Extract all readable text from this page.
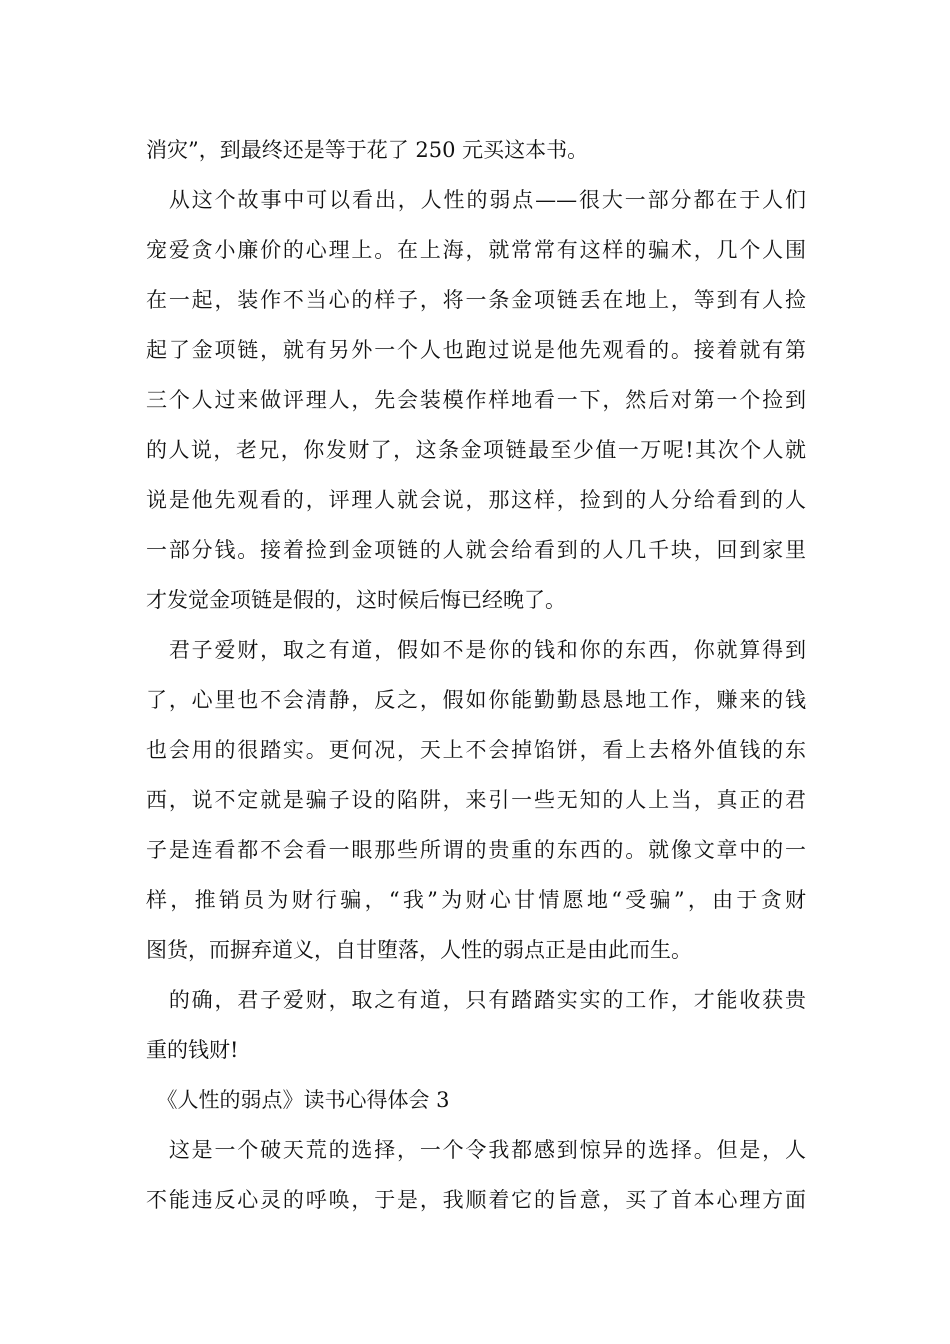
消灾”，到最终还是等于花了 250 元买这本书。
　从这个故事中可以看出，人性的弱点——很大一部分都在于人们
宠爱贪小廉价的心理上。在上海，就常常有这样的骗术，几个人围
在一起，装作不当心的样子，将一条金项链丢在地上，等到有人捡
起了金项链，就有另外一个人也跑过说是他先观看的。接着就有第
三个人过来做评理人，先会装模作样地看一下，然后对第一个捡到
的人说，老兄，你发财了，这条金项链最至少值一万呢!其次个人就
说是他先观看的，评理人就会说，那这样，捡到的人分给看到的人
一部分钱。接着捡到金项链的人就会给看到的人几千块，回到家里
才发觉金项链是假的，这时候后悔已经晚了。
　君子爱财，取之有道，假如不是你的钱和你的东西，你就算得到
了，心里也不会清静，反之，假如你能勤勤恳恳地工作，赚来的钱
也会用的很踏实。更何况，天上不会掉馅饼，看上去格外值钱的东
西，说不定就是骗子设的陷阱，来引一些无知的人上当，真正的君
子是连看都不会看一眼那些所谓的贵重的东西的。就像文章中的一
样，推销员为财行骗，“我”为财心甘情愿地“受骗”，由于贪财
图货，而摒弃道义，自甘堕落，人性的弱点正是由此而生。
　的确，君子爱财，取之有道，只有踏踏实实的工作，才能收获贵
重的钱财!
　《人性的弱点》读书心得体会 3
　这是一个破天荒的选择，一个令我都感到惊异的选择。但是，人
不能违反心灵的呼唤，于是，我顺着它的旨意，买了首本心理方面
